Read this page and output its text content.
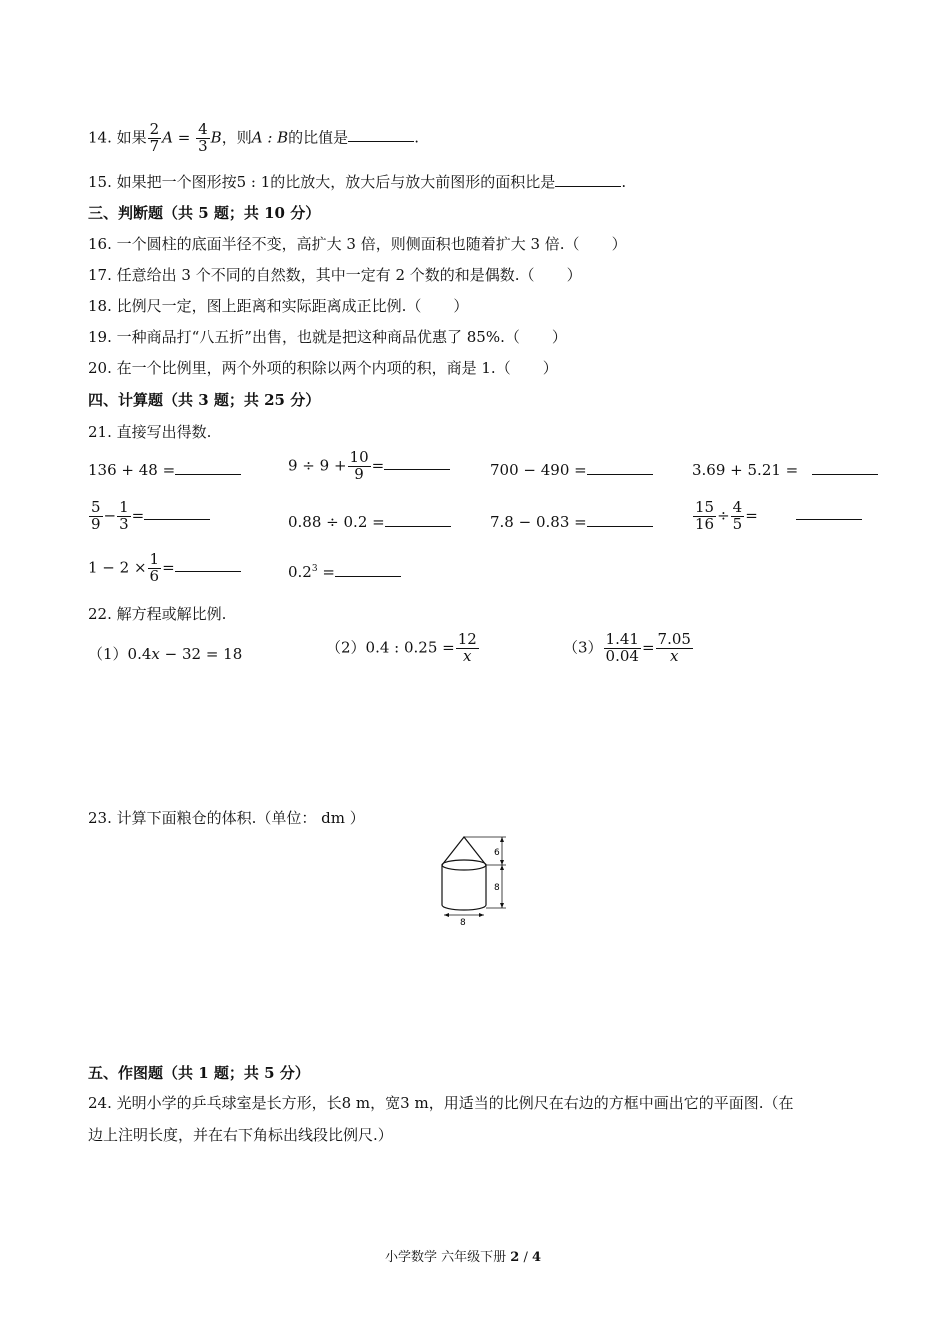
14. 如果 $\frac{2}{7}$ $A = \frac{4}{3}$ B，则A : B的比值是	.
15. 如果把一个图形按5 : 1的比放大，放大后与放大前图形的面积比是	.
三、判断题（共 5 题；共 10 分）
16. 一个圆柱的底面半径不变，高扩大 3 倍，则侧面积也随着扩大 3 倍.（ ）
17. 任意给出 3 个不同的自然数，其中一定有 2 个数的和是偶数.（ ）
18. 比例尺一定，图上距离和实际距离成正比例.（ ）
19. 一种商品打“八五折”出售，也就是把这种商品优惠了 85%.（ ）
20. 在一个比例里，两个外项的积除以两个内项的积，商是 1.（ ）
四、计算题（共 3 题；共 25 分）
21. 直接写出得数.
136 + 48 =	$9 \div 9 + \frac{10}{9}$ =	700 − 490 =	3.69 + 5.21 =
$\frac{5}{9} - \frac{1}{3}$ =	0.88 ÷ 0.2 =	7.8 − 0.83 =	$\frac{15}{16} \div \frac{4}{5}$ =
$1 - 2 \times \frac{1}{6}$ =	$0.2^3$ =
22. 解方程或解比例.
（1）0.4x − 32 = 18	（2）0.4 : $0.25 = \frac{12}{x}$	$(3) \frac{1.41}{0.04} = \frac{7.05}{x}$
23. 计算下面粮仓的体积.（单位： dm ）
6
8
8
五、作图题（共 1 题；共 5 分）
24. 光明小学的乒乓球室是长方形，长8 m，宽3 m，用适当的比例尺在右边的方框中画出它的平面图.（在
边上注明长度，并在右下角标出线段比例尺.）
小学数学 六年级下册 2 / 4
